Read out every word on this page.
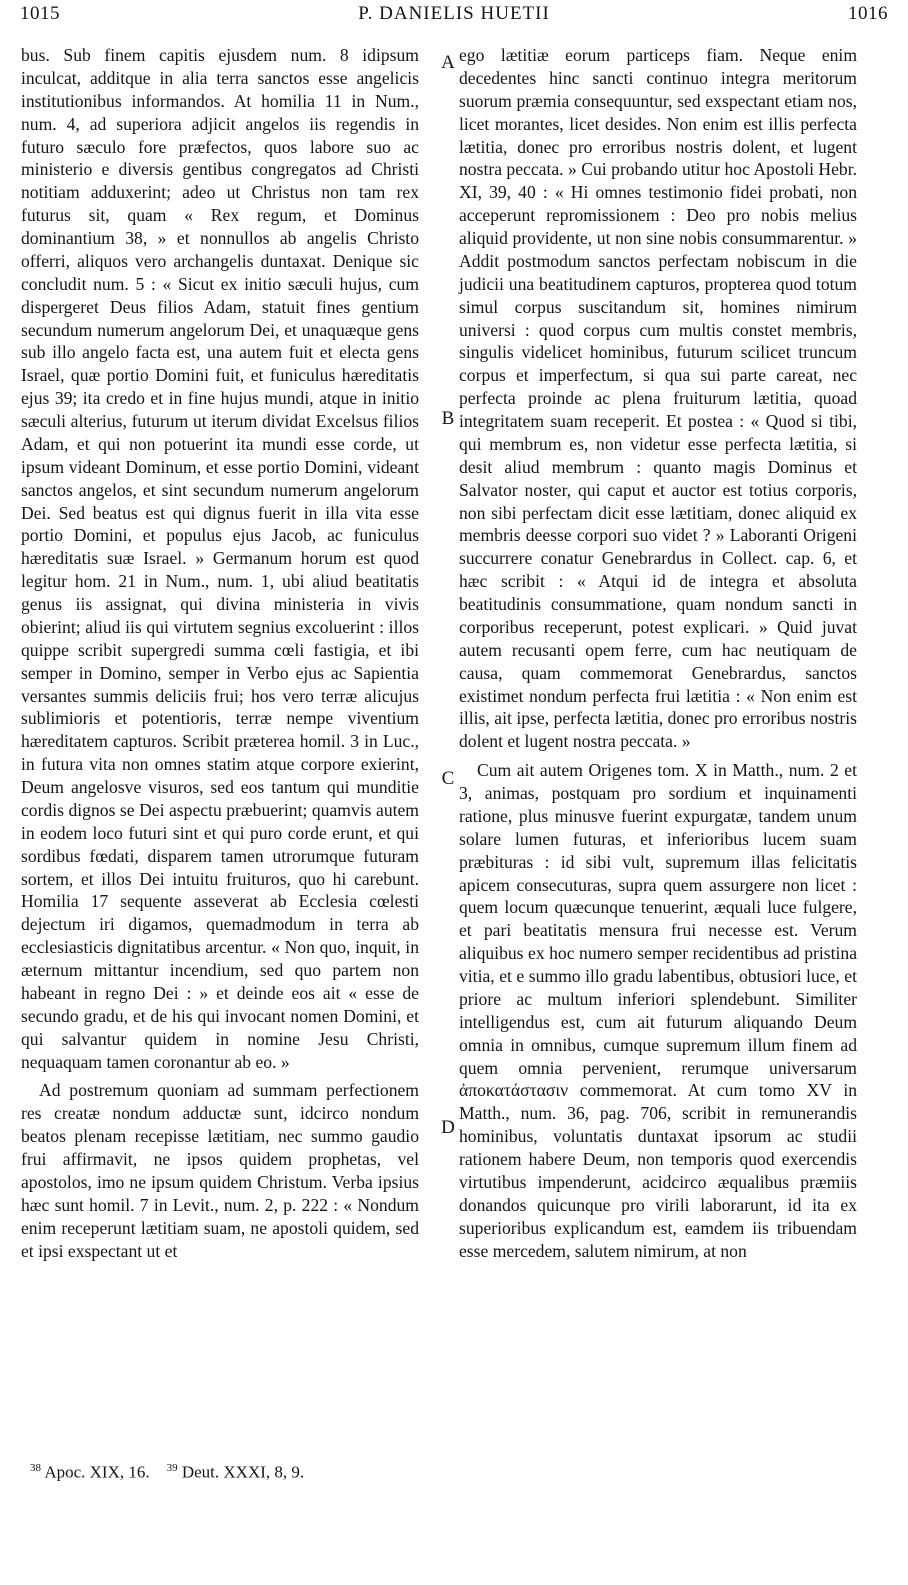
1015	P. DANIELIS HUETII	1016

bus. Sub finem capitis ejusdem num. 8 idipsum inculcat, additque in alia terra sanctos esse angelicis institutionibus informandos. At homilia 11 in Num., num. 4, ad superiora adjicit angelos iis regendis in futuro sæculo fore præfectos, quos labore suo ac ministerio e diversis gentibus congregatos ad Christi notitiam adduxerint; adeo ut Christus non tam rex futurus sit, quam « Rex regum, et Dominus dominantium 38, » et nonnullos ab angelis Christo offerri, aliquos vero archangelis duntaxat. Denique sic concludit num. 5 : « Sicut ex initio sæculi hujus, cum dispergeret Deus filios Adam, statuit fines gentium secundum numerum angelorum Dei, et unaquæque gens sub illo angelo facta est, una autem fuit et electa gens Israel, quæ portio Domini fuit, et funiculus hæreditatis ejus 39; ita credo et in fine hujus mundi, atque in initio sæculi alterius, futurum ut iterum dividat Excelsus filios Adam, et qui non potuerint ita mundi esse corde, ut ipsum videant Dominum, et esse portio Domini, videant sanctos angelos, et sint secundum numerum angelorum Dei. Sed beatus est qui dignus fuerit in illa vita esse portio Domini, et populus ejus Jacob, ac funiculus hæreditatis suæ Israel. » Germanum horum est quod legitur hom. 21 in Num., num. 1, ubi aliud beatitatis genus iis assignat, qui divina ministeria in vivis obierint; aliud iis qui virtutem segnius excoluerint : illos quippe scribit supergredi summa cœli fastigia, et ibi semper in Domino, semper in Verbo ejus ac Sapientia versantes summis deliciis frui; hos vero terræ alicujus sublimioris et potentioris, terræ nempe viventium hæreditatem capturos. Scribit præterea homil. 3 in Luc., in futura vita non omnes statim atque corpore exierint, Deum angelosve visuros, sed eos tantum qui munditie cordis dignos se Dei aspectu præbuerint; quamvis autem in eodem loco futuri sint et qui puro corde erunt, et qui sordibus fœdati, disparem tamen utrorumque futuram sortem, et illos Dei intuitu fruituros, quo hi carebunt. Homilia 17 sequente asseverat ab Ecclesia cœlesti dejectum iri digamos, quemadmodum in terra ab ecclesiasticis dignitatibus arcentur. « Non quo, inquit, in æternum mittantur incendium, sed quo partem non habeant in regno Dei : » et deinde eos ait « esse de secundo gradu, et de his qui invocant nomen Domini, et qui salvantur quidem in nomine Jesu Christi, nequaquam tamen coronantur ab eo. »

Ad postremum quoniam ad summam perfectionem res creatæ nondum adductæ sunt, idcirco nondum beatos plenam recepisse lætitiam, nec summo gaudio frui affirmavit, ne ipsos quidem prophetas, vel apostolos, imo ne ipsum quidem Christum. Verba ipsius hæc sunt homil. 7 in Levit., num. 2, p. 222 : « Nondum enim receperunt lætitiam suam, ne apostoli quidem, sed et ipsi exspectant ut et

A
B
C
D

ego lætitiæ eorum particeps fiam. Neque enim decedentes hinc sancti continuo integra meritorum suorum præmia consequuntur, sed exspectant etiam nos, licet morantes, licet desides. Non enim est illis perfecta lætitia, donec pro erroribus nostris dolent, et lugent nostra peccata. » Cui probando utitur hoc Apostoli Hebr. XI, 39, 40 : « Hi omnes testimonio fidei probati, non acceperunt repromissionem : Deo pro nobis melius aliquid providente, ut non sine nobis consummarentur. » Addit postmodum sanctos perfectam nobiscum in die judicii una beatitudinem capturos, propterea quod totum simul corpus suscitandum sit, homines nimirum universi : quod corpus cum multis constet membris, singulis videlicet hominibus, futurum scilicet truncum corpus et imperfectum, si qua sui parte careat, nec perfecta proinde ac plena fruiturum lætitia, quoad integritatem suam receperit. Et postea : « Quod si tibi, qui membrum es, non videtur esse perfecta lætitia, si desit aliud membrum : quanto magis Dominus et Salvator noster, qui caput et auctor est totius corporis, non sibi perfectam dicit esse lætitiam, donec aliquid ex membris deesse corpori suo videt ? » Laboranti Origeni succurrere conatur Genebrardus in Collect. cap. 6, et hæc scribit : « Atqui id de integra et absoluta beatitudinis consummatione, quam nondum sancti in corporibus receperunt, potest explicari. » Quid juvat autem recusanti opem ferre, cum hac neutiquam de causa, quam commemorat Genebrardus, sanctos existimet nondum perfecta frui lætitia : « Non enim est illis, ait ipse, perfecta lætitia, donec pro erroribus nostris dolent et lugent nostra peccata. »

Cum ait autem Origenes tom. X in Matth., num. 2 et 3, animas, postquam pro sordium et inquinamenti ratione, plus minusve fuerint expurgatæ, tandem unum solare lumen futuras, et inferioribus lucem suam præbituras : id sibi vult, supremum illas felicitatis apicem consecuturas, supra quem assurgere non licet : quem locum quæcunque tenuerint, æquali luce fulgere, et pari beatitatis mensura frui necesse est. Verum aliquibus ex hoc numero semper recidentibus ad pristina vitia, et e summo illo gradu labentibus, obtusiori luce, et priore ac multum inferiori splendebunt. Similiter intelligendus est, cum ait futurum aliquando Deum omnia in omnibus, cumque supremum illum finem ad quem omnia pervenient, rerumque universarum ἀποκατάστασιν commemorat. At cum tomo XV in Matth., num. 36, pag. 706, scribit in remunerandis hominibus, voluntatis duntaxat ipsorum ac studii rationem habere Deum, non temporis quod exercendis virtutibus impenderunt, acidcirco æqualibus præmiis donandos quicunque pro virili laborarunt, id ita ex superioribus explicandum est, eamdem iis tribuendam esse mercedem, salutem nimirum, at non

$^{38}$ Apoc. XIX, 16. $^{39}$ Deut. XXXI, 8, 9.
